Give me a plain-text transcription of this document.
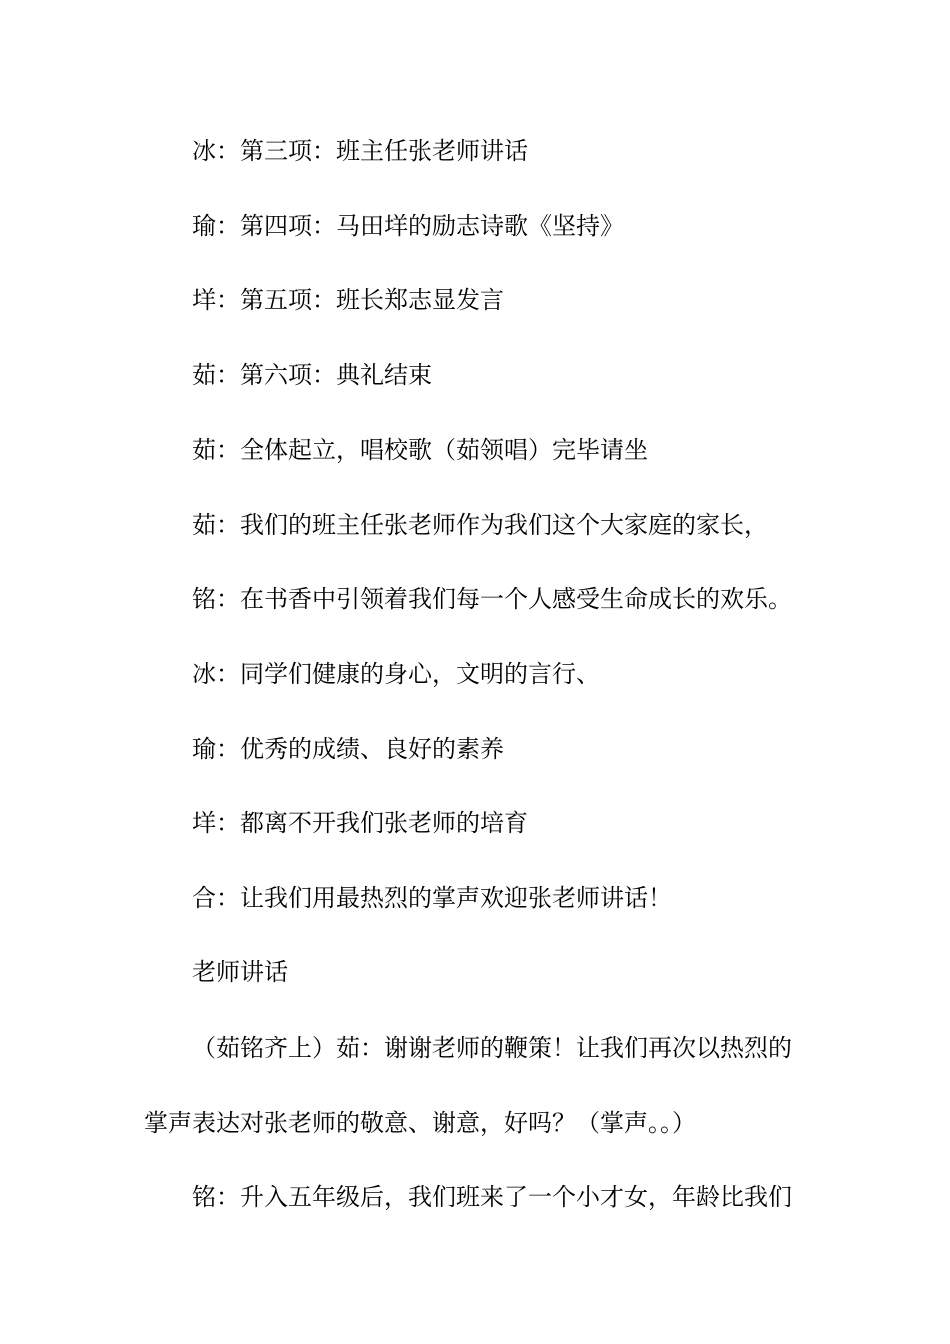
冰：第三项：班主任张老师讲话
瑜：第四项：马田垟的励志诗歌《坚持》
垟：第五项：班长郑志显发言
茹：第六项：典礼结束
茹：全体起立，唱校歌（茹领唱）完毕请坐
茹：我们的班主任张老师作为我们这个大家庭的家长，
铭：在书香中引领着我们每一个人感受生命成长的欢乐。
冰：同学们健康的身心，文明的言行、
瑜：优秀的成绩、良好的素养
垟：都离不开我们张老师的培育
合：让我们用最热烈的掌声欢迎张老师讲话！
老师讲话
（茹铭齐上）茹：谢谢老师的鞭策！让我们再次以热烈的
掌声表达对张老师的敬意、谢意，好吗？（掌声。。）
铭：升入五年级后，我们班来了一个小才女，年龄比我们
